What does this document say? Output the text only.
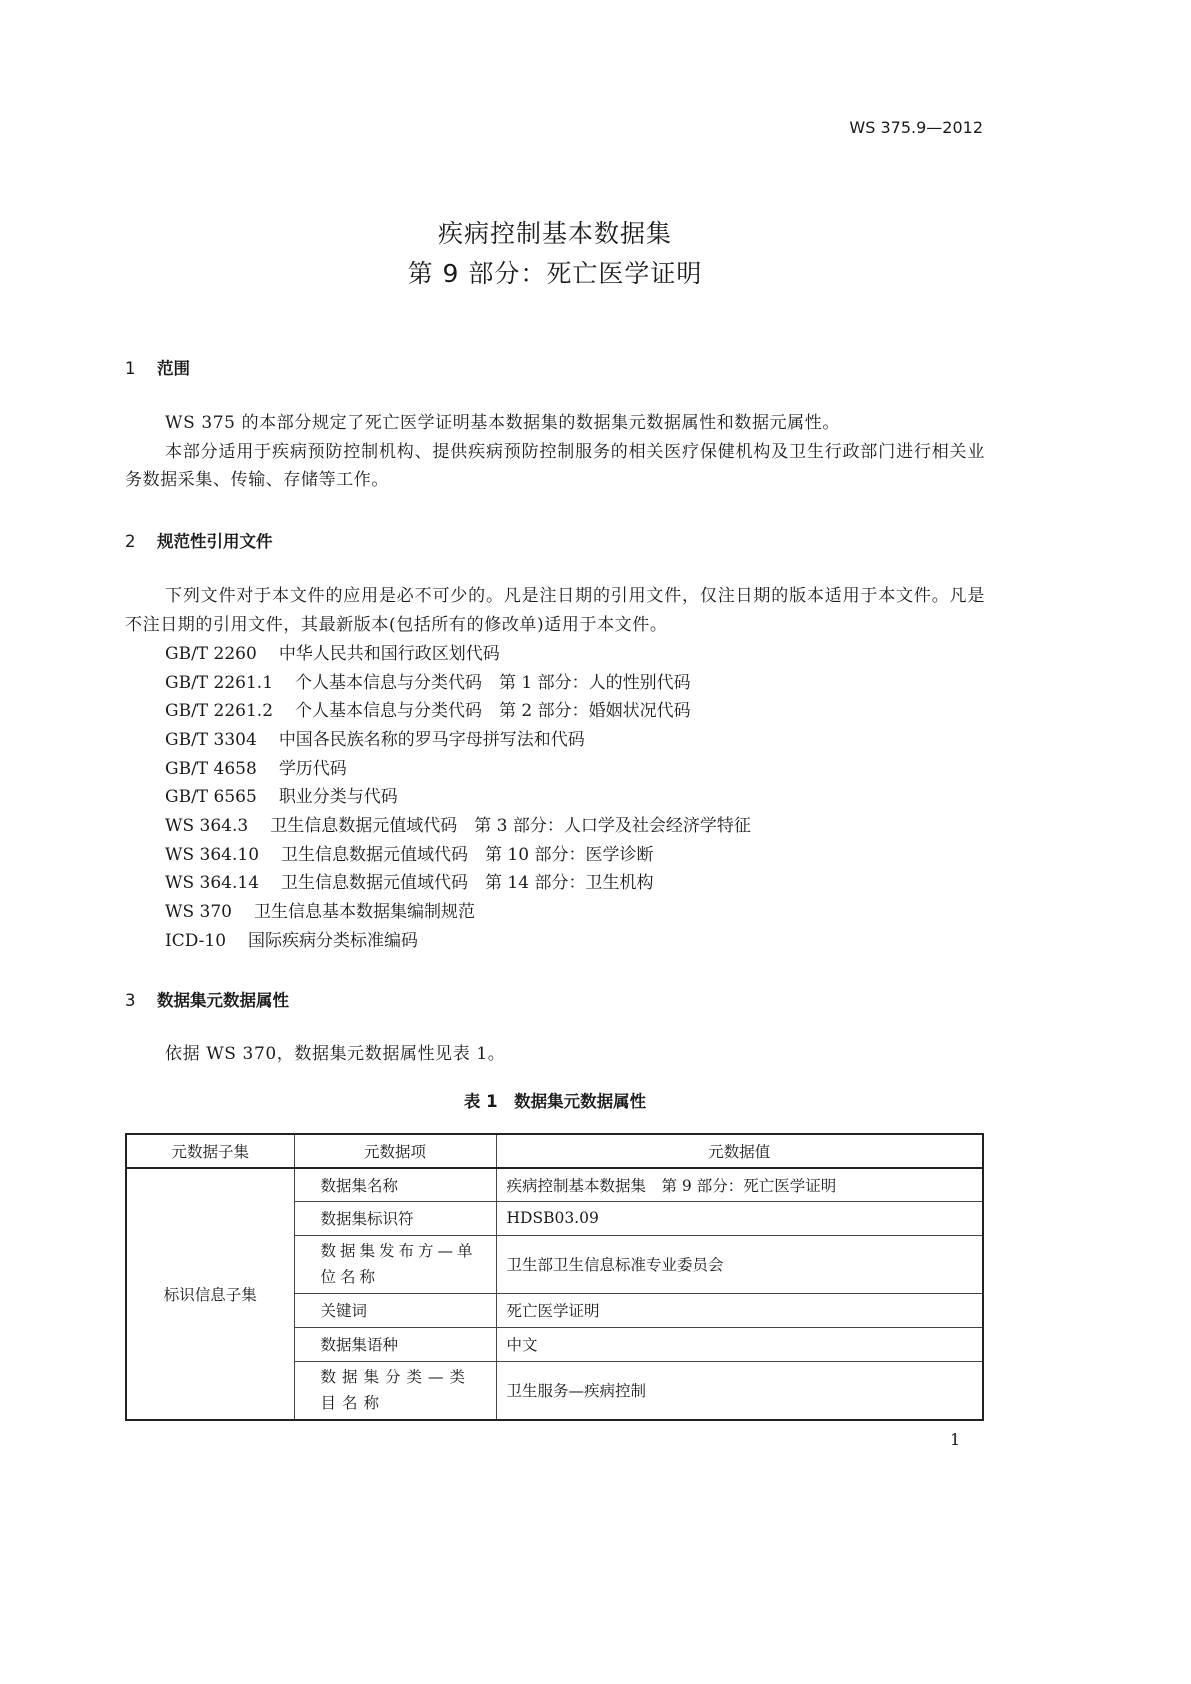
WS 375.9—2012
疾病控制基本数据集
第 9 部分：死亡医学证明
1 范围

WS 375 的本部分规定了死亡医学证明基本数据集的数据集元数据属性和数据元属性。

本部分适用于疾病预防控制机构、提供疾病预防控制服务的相关医疗保健机构及卫生行政部门进行相关业务数据采集、传输、存储等工作。

2 规范性引用文件

下列文件对于本文件的应用是必不可少的。凡是注日期的引用文件，仅注日期的版本适用于本文件。凡是不注日期的引用文件，其最新版本(包括所有的修改单)适用于本文件。

GB/T 2260 中华人民共和国行政区划代码
GB/T 2261.1 个人基本信息与分类代码　第 1 部分：人的性别代码
GB/T 2261.2 个人基本信息与分类代码　第 2 部分：婚姻状况代码
GB/T 3304 中国各民族名称的罗马字母拼写法和代码
GB/T 4658 学历代码
GB/T 6565 职业分类与代码
WS 364.3 卫生信息数据元值域代码　第 3 部分：人口学及社会经济学特征
WS 364.10 卫生信息数据元值域代码　第 10 部分：医学诊断
WS 364.14 卫生信息数据元值域代码　第 14 部分：卫生机构
WS 370 卫生信息基本数据集编制规范
ICD-10 国际疾病分类标准编码
3 数据集元数据属性

依据 WS 370，数据集元数据属性见表 1。

表 1　数据集元数据属性
元数据子集	元数据项	元数据值
标识信息子集	数据集名称	疾病控制基本数据集　第 9 部分：死亡医学证明
	数据集标识符	HDSB03.09
	数据集发布方—单位名称	卫生部卫生信息标准专业委员会
	关键词	死亡医学证明
	数据集语种	中文
	数据集分类—类目名称	卫生服务—疾病控制
1
